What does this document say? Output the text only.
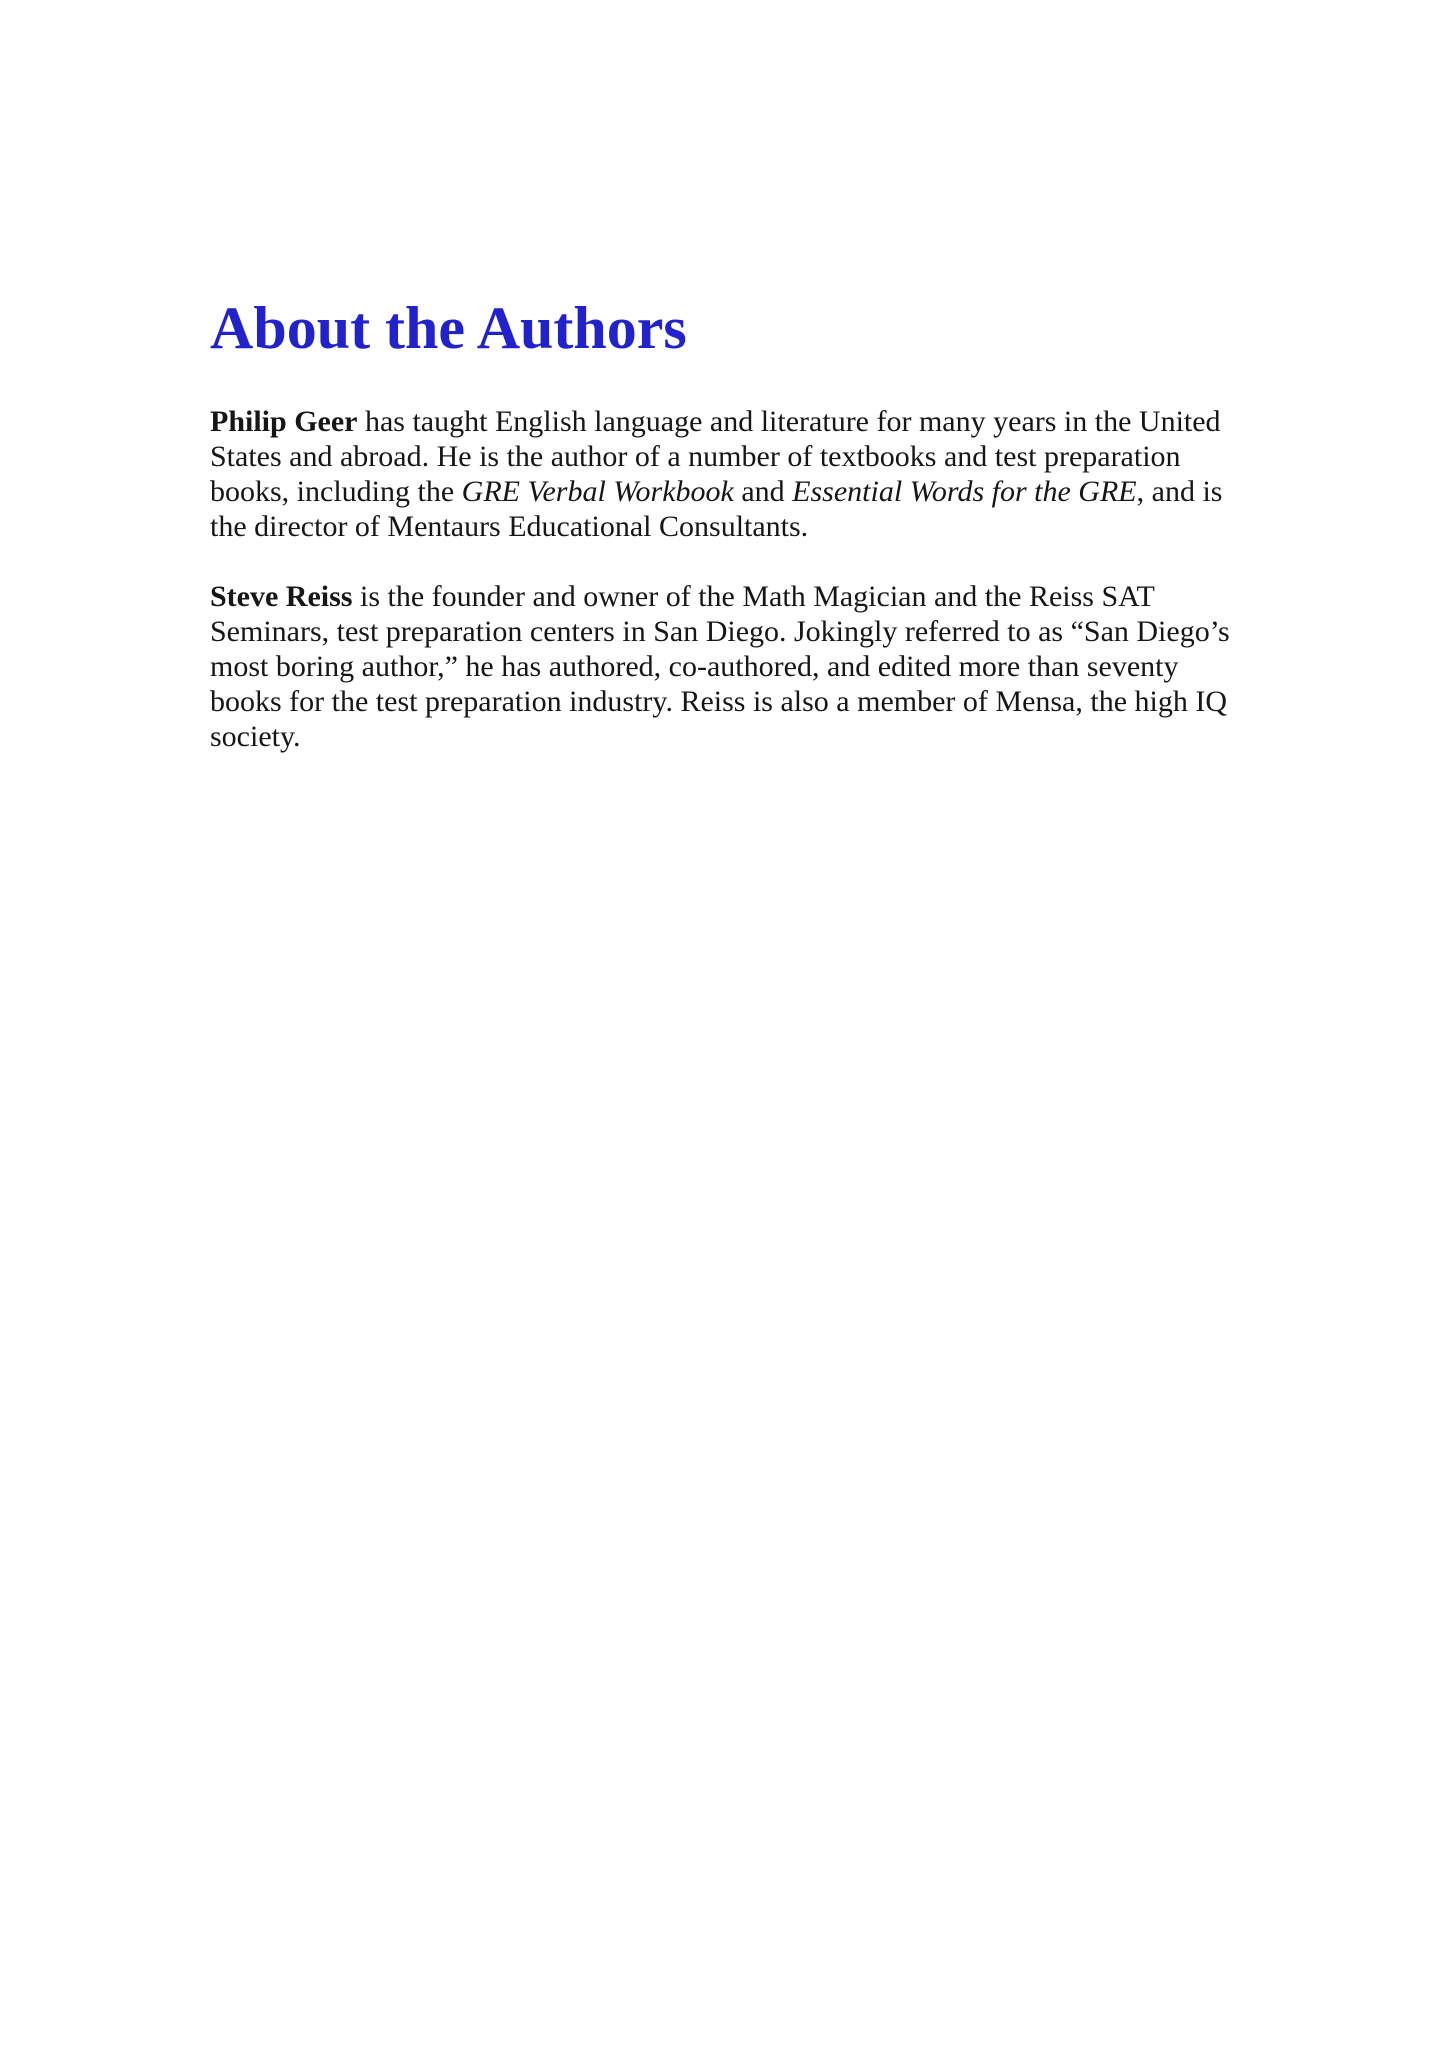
About the Authors

Philip Geer has taught English language and literature for many years in the United States and abroad. He is the author of a number of textbooks and test preparation books, including the GRE Verbal Workbook and Essential Words for the GRE, and is the director of Mentaurs Educational Consultants.

Steve Reiss is the founder and owner of the Math Magician and the Reiss SAT Seminars, test preparation centers in San Diego. Jokingly referred to as “San Diego’s most boring author,” he has authored, co-authored, and edited more than seventy books for the test preparation industry. Reiss is also a member of Mensa, the high IQ society.
